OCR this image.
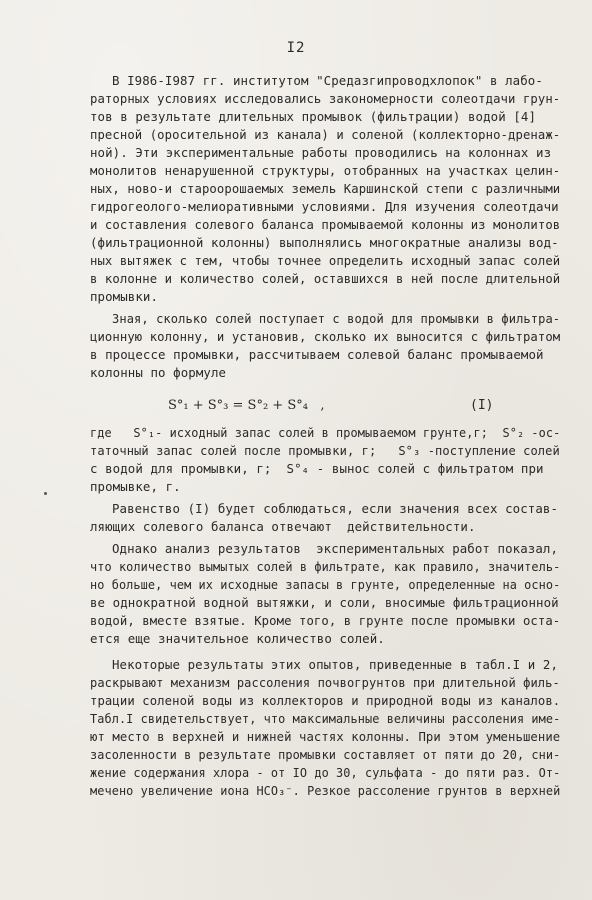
I2
В I986-I987 гг. институтом "Средазгипроводхлопок" в лабо-
раторных условиях исследовались закономерности солеотдачи грун-
тов в результате длительных промывок (фильтрации) водой [4]
пресной (оросительной из канала) и соленой (коллекторно-дренаж-
ной). Эти экспериментальные работы проводились на колоннах из
монолитов ненарушенной структуры, отобранных на участках целин-
ных, ново-и староорошаемых земель Каршинской степи с различными
гидрогеолого-мелиоративными условиями. Для изучения солеотдачи
и составления солевого баланса промываемой колонны из монолитов
(фильтрационной колонны) выполнялись многократные анализы вод-
ных вытяжек с тем, чтобы точнее определить исходный запас солей
в колонне и количество солей, оставшихся в ней после длительной
промывки.
Зная, сколько солей поступает с водой для промывки в фильтра-
ционную колонну, и установив, сколько их выносится с фильтратом
в процессе промывки, рассчитываем солевой баланс промываемой
колонны по формуле
S°₁ + S°₃ = S°₂ + S°₄   ,	(I)
где   S°₁- исходный запас солей в промываемом грунте,г;  S°₂ -ос-
таточный запас солей после промывки, г;   S°₃ -поступление солей
с водой для промывки, г;  S°₄ - вынос солей с фильтратом при
промывке, г.
Равенство (I) будет соблюдаться, если значения всех состав-
ляющих солевого баланса отвечают  действительности.
Однако анализ результатов  экспериментальных работ показал,
что количество вымытых солей в фильтрате, как правило, значитель-
но больше, чем их исходные запасы в грунте, определенные на осно-
ве однократной водной вытяжки, и соли, вносимые фильтрационной
водой, вместе взятые. Кроме того, в грунте после промывки оста-
ется еще значительное количество солей.
Некоторые результаты этих опытов, приведенные в табл.I и 2,
раскрывают механизм рассоления почвогрунтов при длительной филь-
трации соленой воды из коллекторов и природной воды из каналов.
Табл.I свидетельствует, что максимальные величины рассоления име-
ют место в верхней и нижней частях колонны. При этом уменьшение
засоленности в результате промывки составляет от пяти до 20, сни-
жение содержания хлора - от IO до 30, сульфата - до пяти раз. От-
мечено увеличение иона HCO₃⁻. Резкое рассоление грунтов в верхней
